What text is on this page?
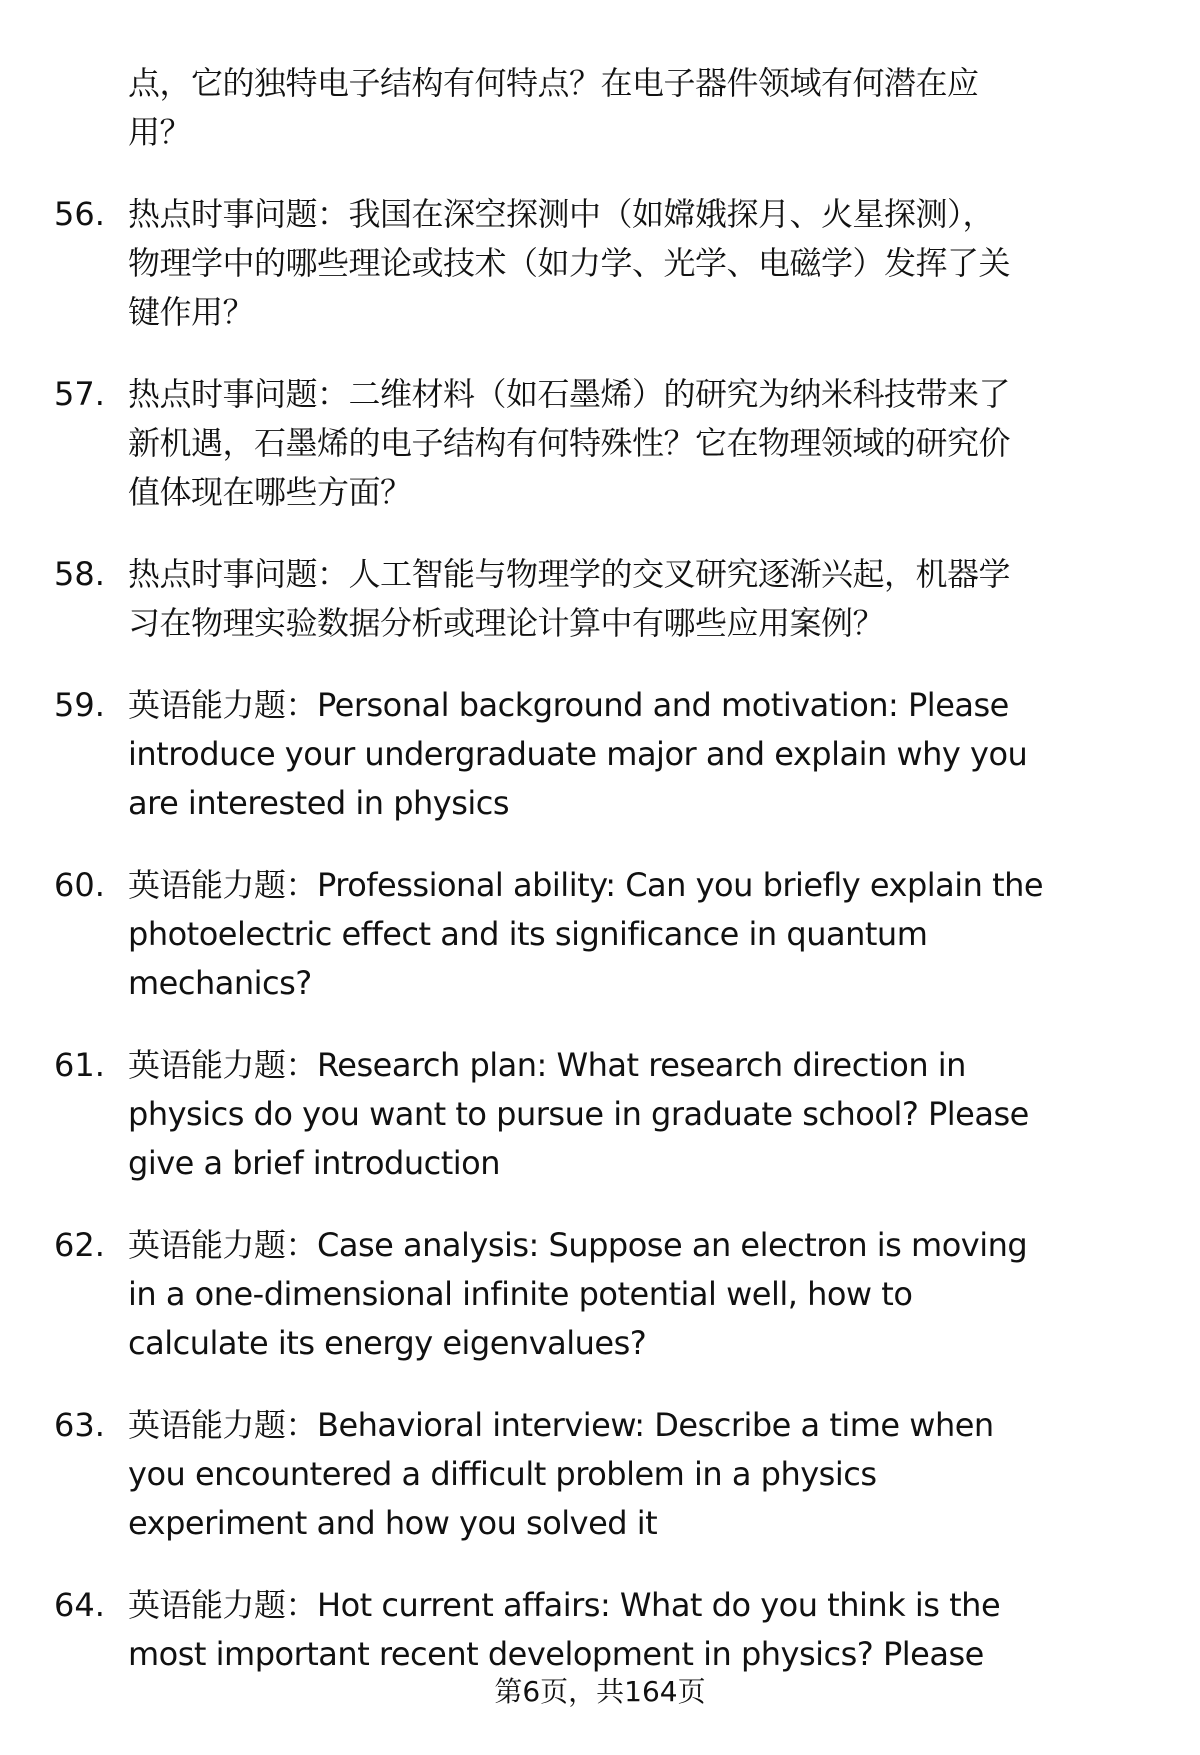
点，它的独特电子结构有何特点？在电子器件领域有何潜在应
用？
56. 热点时事问题：我国在深空探测中（如嫦娥探月、火星探测），
物理学中的哪些理论或技术（如力学、光学、电磁学）发挥了关
键作用？
57. 热点时事问题：二维材料（如石墨烯）的研究为纳米科技带来了
新机遇，石墨烯的电子结构有何特殊性？它在物理领域的研究价
值体现在哪些方面？
58. 热点时事问题：人工智能与物理学的交叉研究逐渐兴起，机器学
习在物理实验数据分析或理论计算中有哪些应用案例？
59. 英语能力题：Personal background and motivation: Please
introduce your undergraduate major and explain why you
are interested in physics
60. 英语能力题：Professional ability: Can you briefly explain the
photoelectric effect and its significance in quantum
mechanics?
61. 英语能力题：Research plan: What research direction in
physics do you want to pursue in graduate school? Please
give a brief introduction
62. 英语能力题：Case analysis: Suppose an electron is moving
in a one-dimensional infinite potential well, how to
calculate its energy eigenvalues?
63. 英语能力题：Behavioral interview: Describe a time when
you encountered a difficult problem in a physics
experiment and how you solved it
64. 英语能力题：Hot current affairs: What do you think is the
most important recent development in physics? Please
第6页，共164页
